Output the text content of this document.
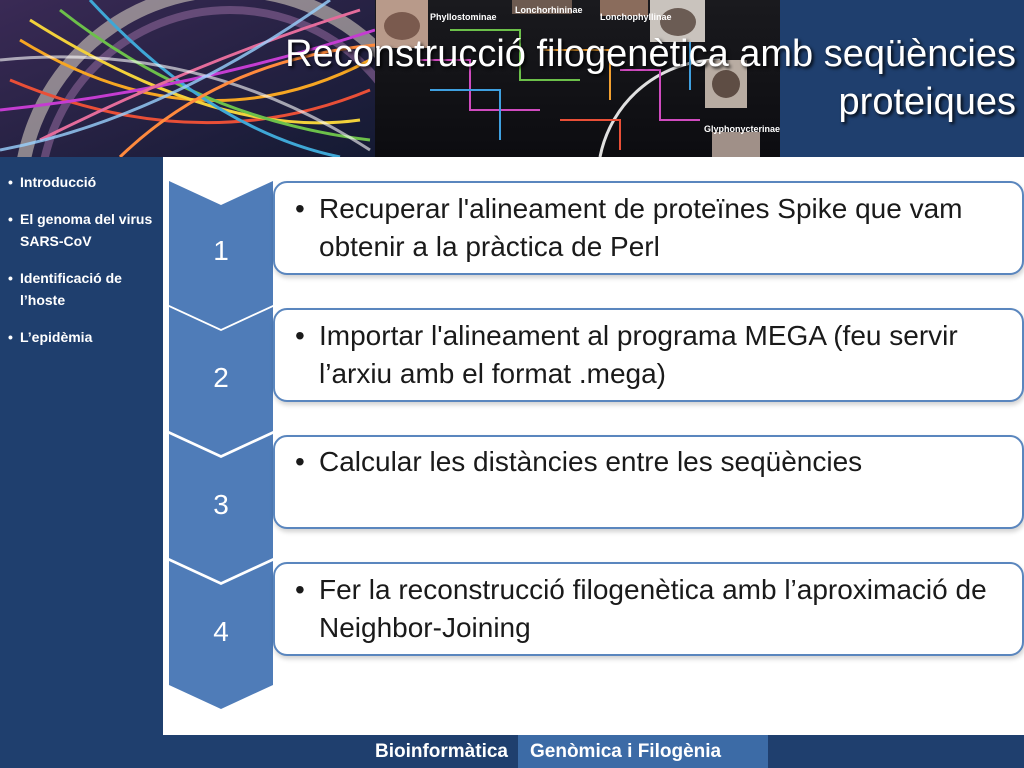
Phyllostominae
Lonchorhininae
Lonchophyllinae
Glyphonycterinae
Reconstrucció filogenètica amb seqüències proteiques
• Introducció
• El genoma del virus SARS-CoV
• Identificació de l’hoste
• L’epidèmia
1
• Recuperar l'alineament de proteïnes Spike que vam obtenir a la pràctica de Perl
2
• Importar l'alineament al programa MEGA (feu servir l’arxiu amb el format .mega)
3
• Calcular les distàncies entre les seqüències
4
• Fer la reconstrucció filogenètica amb l’aproximació de Neighbor-Joining
Bioinformàtica	Genòmica i Filogènia
